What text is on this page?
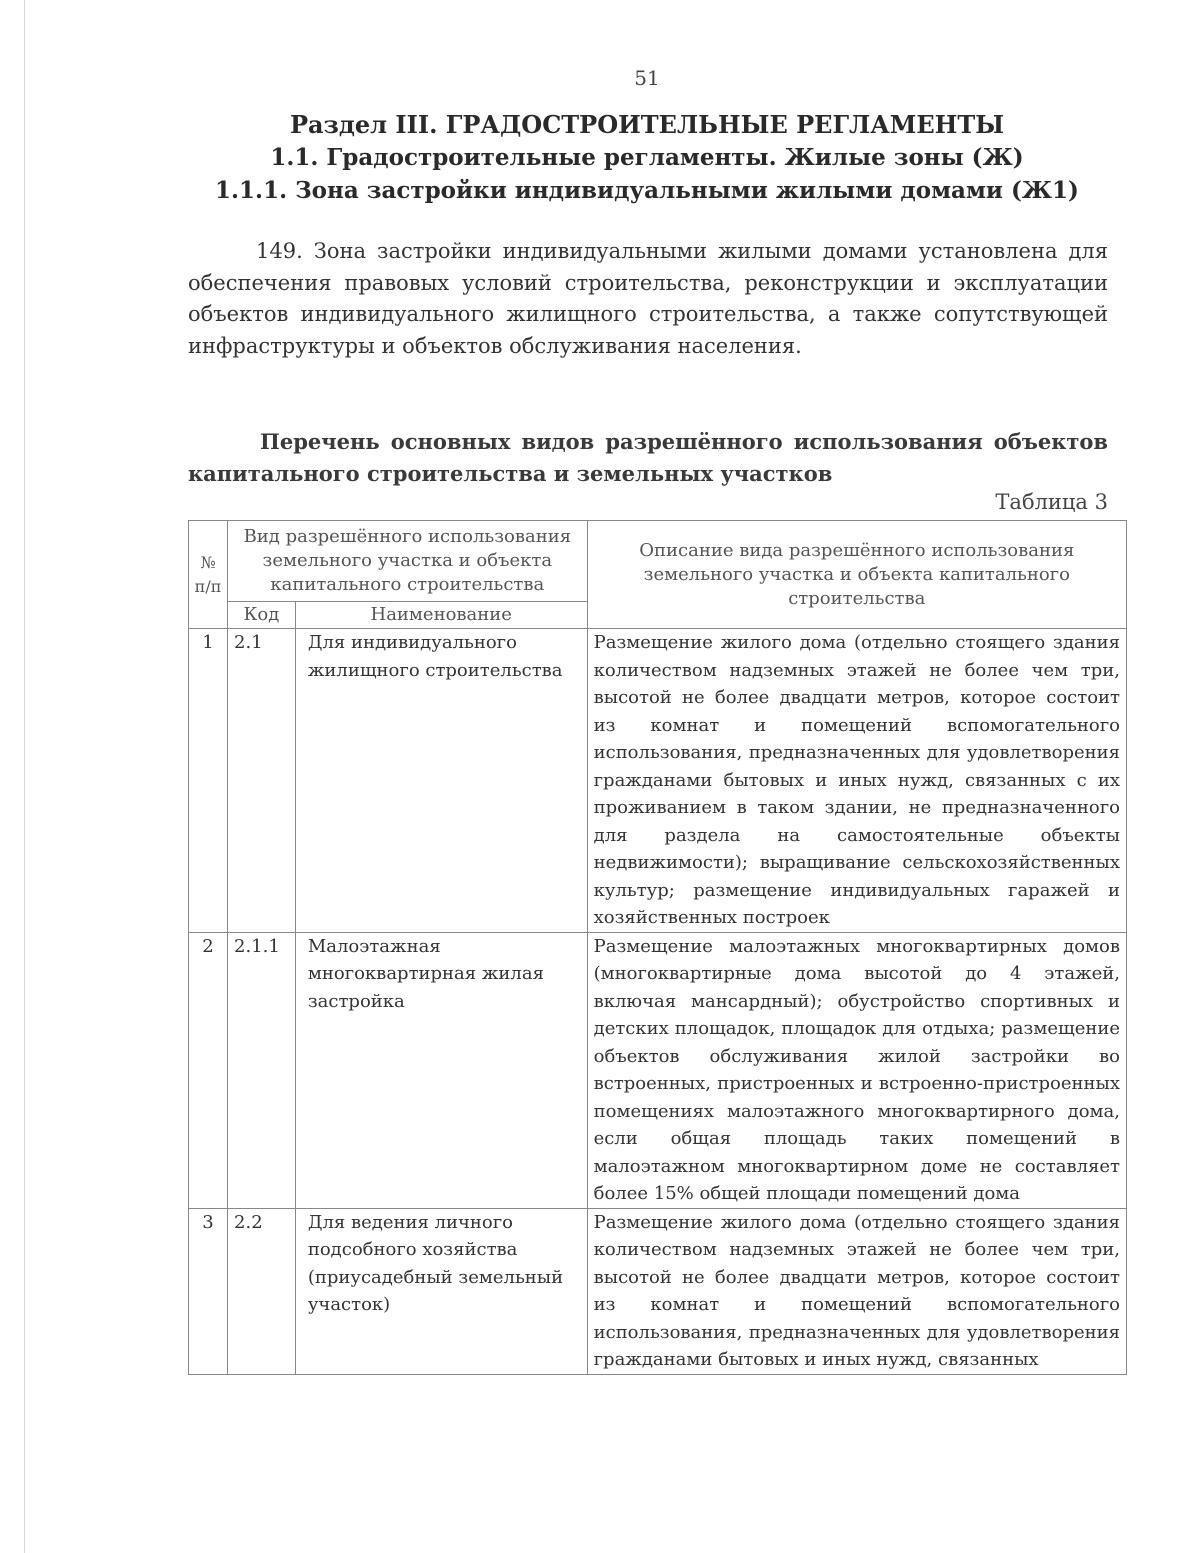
51
Раздел III. ГРАДОСТРОИТЕЛЬНЫЕ РЕГЛАМЕНТЫ
1.1. Градостроительные регламенты. Жилые зоны (Ж)
1.1.1. Зона застройки индивидуальными жилыми домами (Ж1)
149. Зона застройки индивидуальными жилыми домами установлена для обеспечения правовых условий строительства, реконструкции и эксплуатации объектов индивидуального жилищного строительства, а также сопутствующей инфраструктуры и объектов обслуживания населения.
Перечень основных видов разрешённого использования объектов капитального строительства и земельных участков
Таблица 3
№ п/п	Вид разрешённого использования земельного участка и объекта капитального строительства		Описание вида разрешённого использования земельного участка и объекта капитального строительства
	Код	Наименование	
1	2.1	Для индивидуального жилищного строительства	Размещение жилого дома (отдельно стоящего здания количеством надземных этажей не более чем три, высотой не более двадцати метров, которое состоит из комнат и помещений вспомогательного использования, предназначенных для удовлетворения гражданами бытовых и иных нужд, связанных с их проживанием в таком здании, не предназначенного для раздела на самостоятельные объекты недвижимости); выращивание сельскохозяйственных культур; размещение индивидуальных гаражей и хозяйственных построек
2	2.1.1	Малоэтажная многоквартирная жилая застройка	Размещение малоэтажных многоквартирных домов (многоквартирные дома высотой до 4 этажей, включая мансардный); обустройство спортивных и детских площадок, площадок для отдыха; размещение объектов обслуживания жилой застройки во встроенных, пристроенных и встроенно-пристроенных помещениях малоэтажного многоквартирного дома, если общая площадь таких помещений в малоэтажном многоквартирном доме не составляет более 15% общей площади помещений дома
3	2.2	Для ведения личного подсобного хозяйства (приусадебный земельный участок)	Размещение жилого дома (отдельно стоящего здания количеством надземных этажей не более чем три, высотой не более двадцати метров, которое состоит из комнат и помещений вспомогательного использования, предназначенных для удовлетворения гражданами бытовых и иных нужд, связанных
